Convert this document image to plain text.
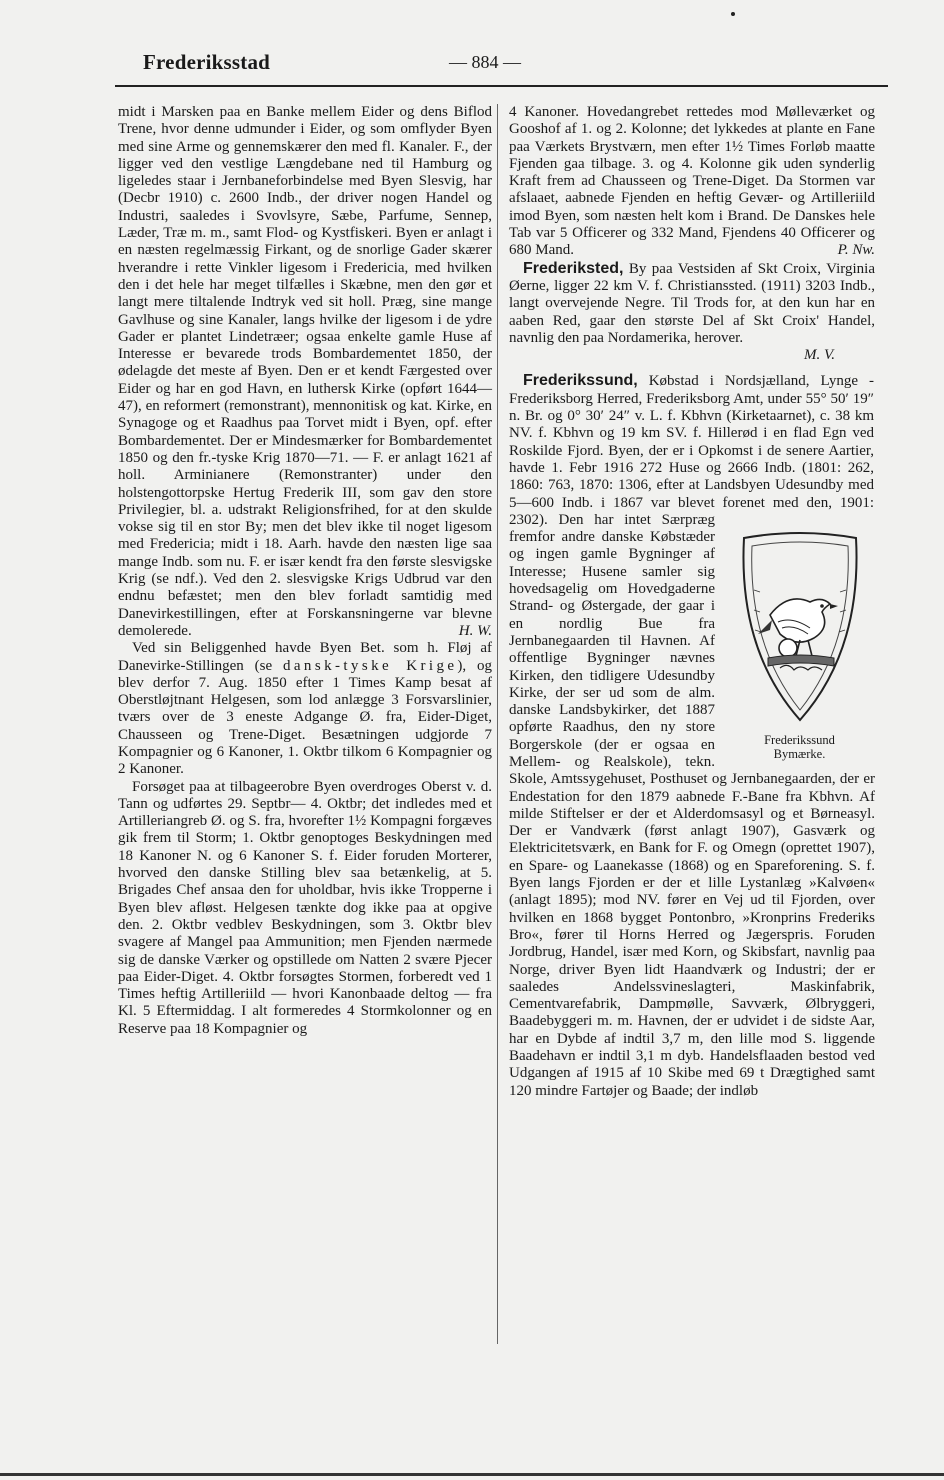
Frederiksstad	— 884 —

midt i Marsken paa en Banke mellem Eider og dens Biflod Trene, hvor denne udmunder i Eider, og som omflyder Byen med sine Arme og gennemskærer den med fl. Kanaler. F., der ligger ved den vestlige Længdebane ned til Hamburg og ligeledes staar i Jernbaneforbindelse med Byen Slesvig, har (Decbr 1910) c. 2600 Indb., der driver nogen Handel og Industri, saaledes i Svovlsyre, Sæbe, Parfume, Sennep, Læder, Træ m. m., samt Flod- og Kystfiskeri. Byen er anlagt i en næsten regelmæssig Firkant, og de snorlige Gader skærer hverandre i rette Vinkler ligesom i Fredericia, med hvilken den i det hele har meget tilfælles i Skæbne, men den gør et langt mere tiltalende Indtryk ved sit holl. Præg, sine mange Gavlhuse og sine Kanaler, langs hvilke der ligesom i de ydre Gader er plantet Lindetræer; ogsaa enkelte gamle Huse af Interesse er bevarede trods Bombardementet 1850, der ødelagde det meste af Byen. Den er et kendt Færgested over Eider og har en god Havn, en luthersk Kirke (opført 1644—47), en reformert (remonstrant), mennonitisk og kat. Kirke, en Synagoge og et Raadhus paa Torvet midt i Byen, opf. efter Bombardementet. Der er Mindesmærker for Bombardementet 1850 og den fr.-tyske Krig 1870—71. — F. er anlagt 1621 af holl. Arminianere (Remonstranter) under den holstengottorpske Hertug Frederik III, som gav den store Privilegier, bl. a. udstrakt Religionsfrihed, for at den skulde vokse sig til en stor By; men det blev ikke til noget ligesom med Fredericia; midt i 18. Aarh. havde den næsten lige saa mange Indb. som nu. F. er især kendt fra den første slesvigske Krig (se ndf.). Ved den 2. slesvigske Krigs Udbrud var den endnu befæstet; men den blev forladt samtidig med Danevirkestillingen, efter at Forskansningerne var blevne demolerede.	H. W.

Ved sin Beliggenhed havde Byen Bet. som h. Fløj af Danevirke-Stillingen (se dansk-tyske Krige), og blev derfor 7. Aug. 1850 efter 1 Times Kamp besat af Oberstløjtnant Helgesen, som lod anlægge 3 Forsvarslinier, tværs over de 3 eneste Adgange Ø. fra, Eider-Diget, Chausseen og Trene-Diget. Besætningen udgjorde 7 Kompagnier og 6 Kanoner, 1. Oktbr tilkom 6 Kompagnier og 2 Kanoner.

Forsøget paa at tilbageerobre Byen overdroges Oberst v. d. Tann og udførtes 29. Septbr— 4. Oktbr; det indledes med et Artilleriangreb Ø. og S. fra, hvorefter 1½ Kompagni forgæves gik frem til Storm; 1. Oktbr genoptoges Beskydningen med 18 Kanoner N. og 6 Kanoner S. f. Eider foruden Morterer, hvorved den danske Stilling blev saa betænkelig, at 5. Brigades Chef ansaa den for uholdbar, hvis ikke Tropperne i Byen blev afløst. Helgesen tænkte dog ikke paa at opgive den. 2. Oktbr vedblev Beskydningen, som 3. Oktbr blev svagere af Mangel paa Ammunition; men Fjenden nærmede sig de danske Værker og opstillede om Natten 2 svære Pjecer paa Eider-Diget. 4. Oktbr forsøgtes Stormen, forberedt ved 1 Times heftig Artilleriild — hvori Kanonbaade deltog — fra Kl. 5 Eftermiddag. I alt formeredes 4 Stormkolonner og en Reserve paa 18 Kompagnier og

4 Kanoner. Hovedangrebet rettedes mod Mølleværket og Gooshof af 1. og 2. Kolonne; det lykkedes at plante en Fane paa Værkets Brystværn, men efter 1½ Times Forløb maatte Fjenden gaa tilbage. 3. og 4. Kolonne gik uden synderlig Kraft frem ad Chausseen og Trene-Diget. Da Stormen var afslaaet, aabnede Fjenden en heftig Gevær- og Artilleriild imod Byen, som næsten helt kom i Brand. De Danskes hele Tab var 5 Officerer og 332 Mand, Fjendens 40 Officerer og 680 Mand.	P. Nw.

Frederiksted, By paa Vestsiden af Skt Croix, Virginia Øerne, ligger 22 km V. f. Christianssted. (1911) 3203 Indb., langt overvejende Negre. Til Trods for, at den kun har en aaben Red, gaar den største Del af Skt Croix' Handel, navnlig den paa Nordamerika, herover.
M. V.

Frederikssund, Købstad i Nordsjælland, Lynge - Frederiksborg Herred, Frederiksborg Amt, under 55° 50′ 19″ n. Br. og 0° 30′ 24″ v. L. f. Kbhvn (Kirketaarnet), c. 38 km NV. f. Kbhvn og 19 km SV. f. Hillerød i en flad Egn ved Roskilde Fjord. Byen, der er i Opkomst i de senere Aartier, havde 1. Febr 1916 272 Huse og 2666 Indb. (1801: 262, 1860: 763, 1870: 1306, efter at Landsbyen Udesundby med 5—600 Indb. i 1867 var blevet forenet med den, 1901: 2302). Den har intet Særpræg fremfor andre danske Købstæder og ingen gamle Bygninger af Interesse; Husene samler sig hovedsagelig om Hovedgaderne Strand- og Østergade, der gaar i en nordlig Bue fra Jernbanegaarden til Havnen. Af offentlige Bygninger nævnes Kirken, den tidligere Udesundby Kirke, der ser ud som de alm. danske Landsbykirker, det 1887 opførte Raadhus, den ny store Borgerskole (der er ogsaa en Mellem- og Realskole), tekn. Skole, Amtssygehuset, Posthuset og Jernbanegaarden, der er Endestation for den 1879 aabnede F.-Bane fra Kbhvn. Af milde Stiftelser er der et Alderdomsasyl og et Børneasyl. Der er Vandværk (først anlagt 1907), Gasværk og Elektricitetsværk, en Bank for F. og Omegn (oprettet 1907), en Spare- og Laanekasse (1868) og en Spareforening. S. f. Byen langs Fjorden er der et lille Lystanlæg »Kalvøen« (anlagt 1895); mod NV. fører en Vej ud til Fjorden, over hvilken en 1868 bygget Pontonbro, »Kronprins Frederiks Bro«, fører til Horns Herred og Jægerspris. Foruden Jordbrug, Handel, især med Korn, og Skibsfart, navnlig paa Norge, driver Byen lidt Haandværk og Industri; der er saaledes Andelssvineslagteri, Maskinfabrik, Cementvarefabrik, Dampmølle, Savværk, Ølbryggeri, Baadebyggeri m. m. Havnen, der er udvidet i de sidste Aar, har en Dybde af indtil 3,7 m, den lille mod S. liggende Baadehavn er indtil 3,1 m dyb. Handelsflaaden bestod ved Udgangen af 1915 af 10 Skibe med 69 t Drægtighed samt 120 mindre Fartøjer og Baade; der indløb

Frederikssund
Bymærke.
